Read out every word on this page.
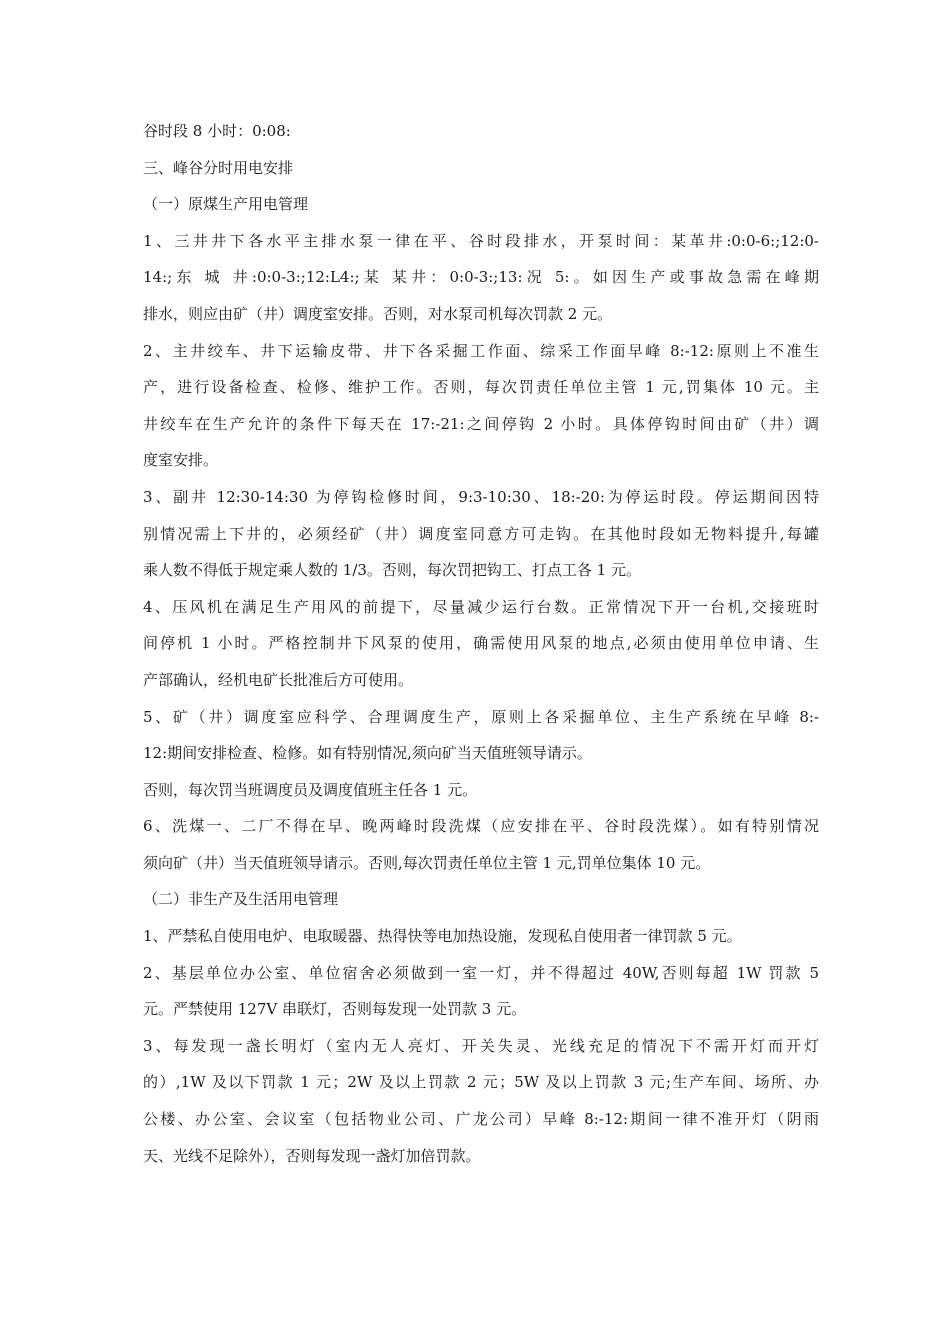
谷时段 8 小时：0:08:
三、峰谷分时用电安排
（一）原煤生产用电管理
1、三井井下各水平主排水泵一律在平、谷时段排水，开泵时间：某革井:0:0-6:;12:0-
14:;东 城 井:0:0-3:;12:L4:;某 某井：0:0-3:;13:况 5:。如因生产或事故急需在峰期
排水，则应由矿（井）调度室安排。否则，对水泵司机每次罚款 2 元。
2、主井绞车、井下运输皮带、井下各采掘工作面、综采工作面早峰 8:-12:原则上不准生
产，进行设备检查、检修、维护工作。否则，每次罚责任单位主管 1 元,罚集体 10 元。主
井绞车在生产允许的条件下每天在 17:-21:之间停钩 2 小时。具体停钩时间由矿（井）调
度室安排。
3、副井 12:30-14:30 为停钩检修时间，9:3-10:30、18:-20:为停运时段。停运期间因特
别情况需上下井的，必须经矿（井）调度室同意方可走钩。在其他时段如无物料提升,每罐
乘人数不得低于规定乘人数的 1/3。否则，每次罚把钩工、打点工各 1 元。
4、压风机在满足生产用风的前提下，尽量减少运行台数。正常情况下开一台机,交接班时
间停机 1 小时。严格控制井下风泵的使用，确需使用风泵的地点,必须由使用单位申请、生
产部确认，经机电矿长批准后方可使用。
5、矿（井）调度室应科学、合理调度生产，原则上各采掘单位、主生产系统在早峰 8:-
12:期间安排检查、检修。如有特别情况,须向矿当天值班领导请示。
否则，每次罚当班调度员及调度值班主任各 1 元。
6、洗煤一、二厂不得在早、晚两峰时段洗煤（应安排在平、谷时段洗煤）。如有特别情况
须向矿（井）当天值班领导请示。否则,每次罚责任单位主管 1 元,罚单位集体 10 元。
（二）非生产及生活用电管理
1、严禁私自使用电炉、电取暖器、热得快等电加热设施，发现私自使用者一律罚款 5 元。
2、基层单位办公室、单位宿舍必须做到一室一灯，并不得超过 40W,否则每超 1W 罚款 5
元。严禁使用 127V 串联灯，否则每发现一处罚款 3 元。
3、每发现一盏长明灯（室内无人亮灯、开关失灵、光线充足的情况下不需开灯而开灯
的）,1W 及以下罚款 1 元；2W 及以上罚款 2 元；5W 及以上罚款 3 元;生产车间、场所、办
公楼、办公室、会议室（包括物业公司、广龙公司）早峰 8:-12:期间一律不准开灯（阴雨
天、光线不足除外），否则每发现一盏灯加倍罚款。
